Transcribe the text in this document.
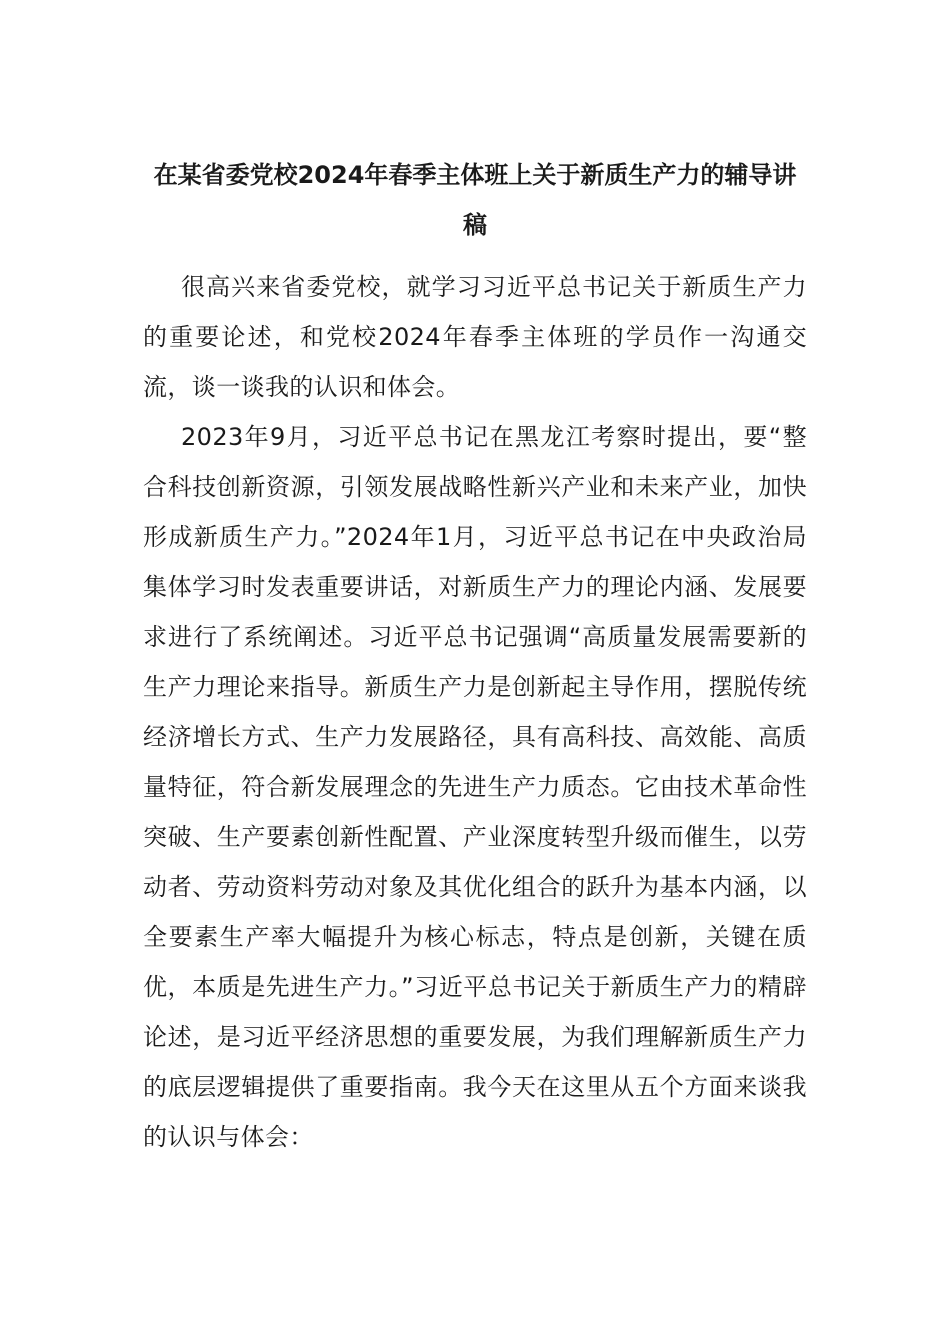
在某省委党校2024年春季主体班上关于新质生产力的辅导讲稿

很高兴来省委党校，就学习习近平总书记关于新质生产力的重要论述，和党校2024年春季主体班的学员作一沟通交流，谈一谈我的认识和体会。

2023年9月，习近平总书记在黑龙江考察时提出，要“整合科技创新资源，引领发展战略性新兴产业和未来产业，加快形成新质生产力。”2024年1月，习近平总书记在中央政治局集体学习时发表重要讲话，对新质生产力的理论内涵、发展要求进行了系统阐述。习近平总书记强调“高质量发展需要新的生产力理论来指导。新质生产力是创新起主导作用，摆脱传统经济增长方式、生产力发展路径，具有高科技、高效能、高质量特征，符合新发展理念的先进生产力质态。它由技术革命性突破、生产要素创新性配置、产业深度转型升级而催生，以劳动者、劳动资料劳动对象及其优化组合的跃升为基本内涵，以全要素生产率大幅提升为核心标志，特点是创新，关键在质优，本质是先进生产力。”习近平总书记关于新质生产力的精辟论述，是习近平经济思想的重要发展，为我们理解新质生产力的底层逻辑提供了重要指南。我今天在这里从五个方面来谈我的认识与体会：
